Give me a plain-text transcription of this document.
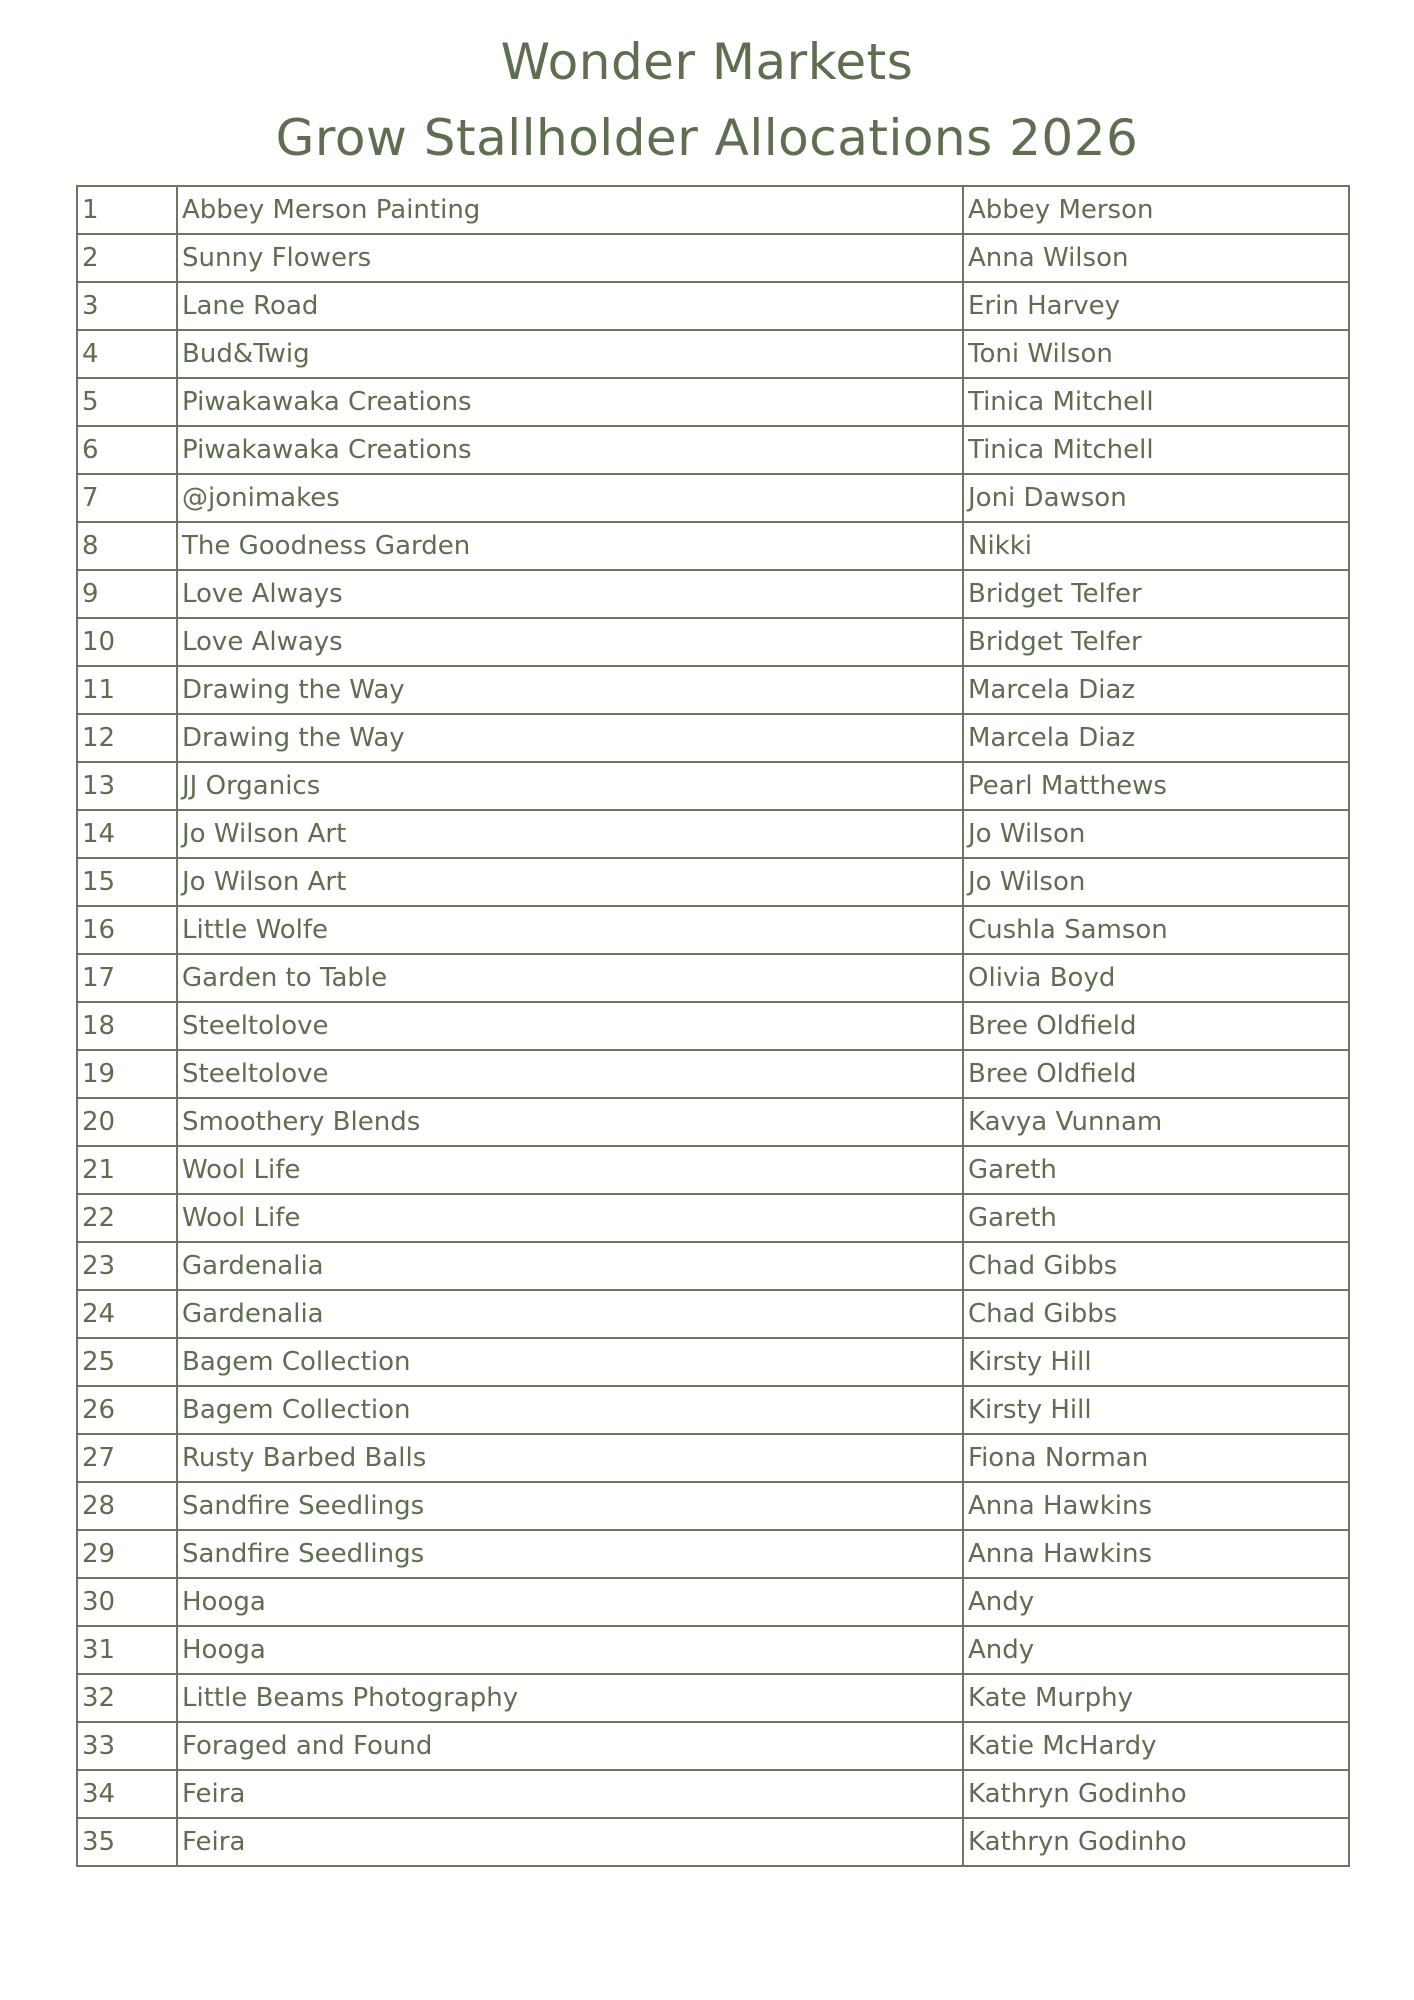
Wonder Markets
Grow Stallholder Allocations 2026
1	Abbey Merson Painting	Abbey Merson
2	Sunny Flowers	Anna Wilson
3	Lane Road	Erin Harvey
4	Bud&Twig	Toni Wilson
5	Piwakawaka Creations	Tinica Mitchell
6	Piwakawaka Creations	Tinica Mitchell
7	@jonimakes	Joni Dawson
8	The Goodness Garden	Nikki
9	Love Always	Bridget Telfer
10	Love Always	Bridget Telfer
11	Drawing the Way	Marcela Diaz
12	Drawing the Way	Marcela Diaz
13	JJ Organics	Pearl Matthews
14	Jo Wilson Art	Jo Wilson
15	Jo Wilson Art	Jo Wilson
16	Little Wolfe	Cushla Samson
17	Garden to Table	Olivia Boyd
18	Steeltolove	Bree Oldfield
19	Steeltolove	Bree Oldfield
20	Smoothery Blends	Kavya Vunnam
21	Wool Life	Gareth
22	Wool Life	Gareth
23	Gardenalia	Chad Gibbs
24	Gardenalia	Chad Gibbs
25	Bagem Collection	Kirsty Hill
26	Bagem Collection	Kirsty Hill
27	Rusty Barbed Balls	Fiona Norman
28	Sandfire Seedlings	Anna Hawkins
29	Sandfire Seedlings	Anna Hawkins
30	Hooga	Andy
31	Hooga	Andy
32	Little Beams Photography	Kate Murphy
33	Foraged and Found	Katie McHardy
34	Feira	Kathryn Godinho
35	Feira	Kathryn Godinho
